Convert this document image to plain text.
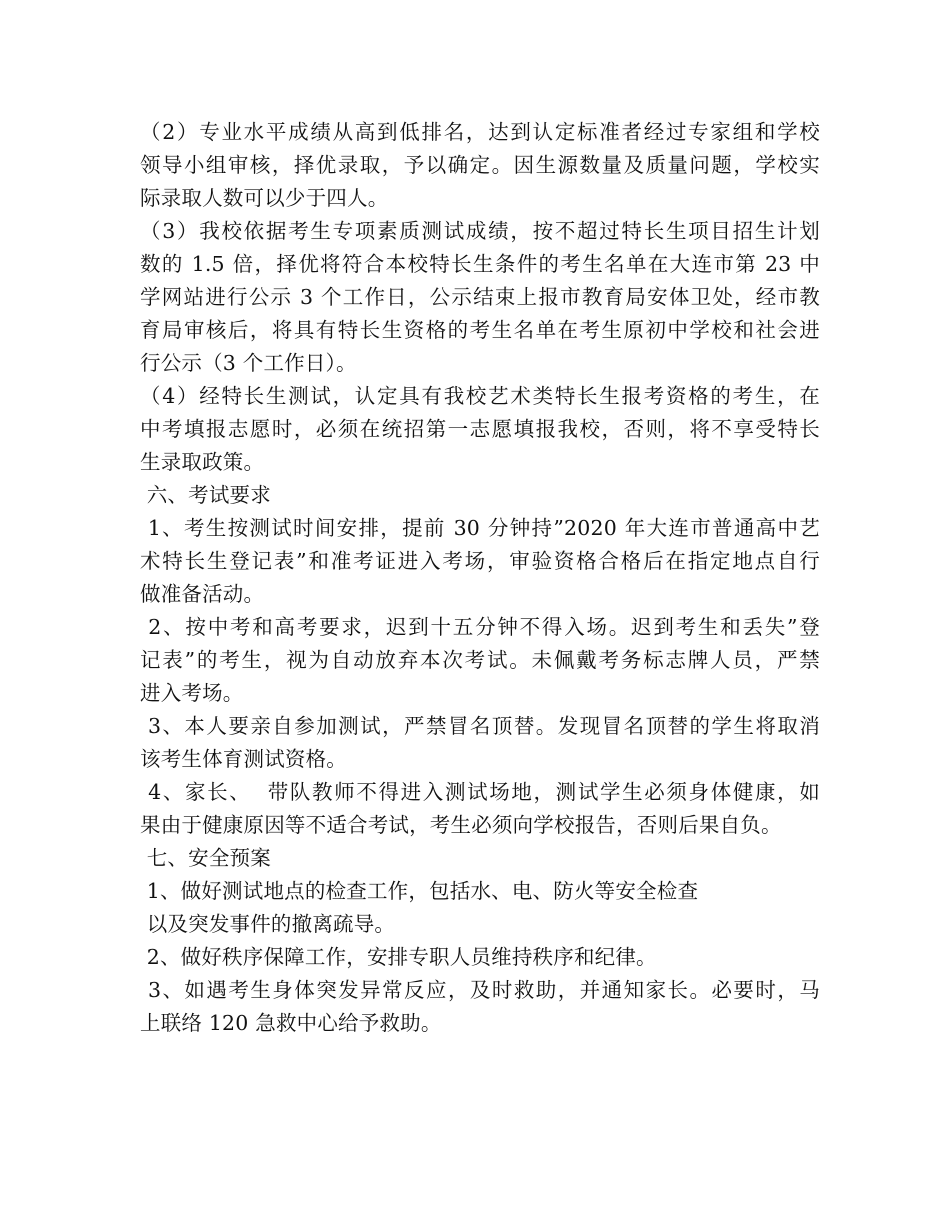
（2）专业水平成绩从高到低排名，达到认定标准者经过专家组和学校
领导小组审核，择优录取，予以确定。因生源数量及质量问题，学校实
际录取人数可以少于四人。
（3）我校依据考生专项素质测试成绩，按不超过特长生项目招生计划
数的 1.5 倍，择优将符合本校特长生条件的考生名单在大连市第 23 中
学网站进行公示 3 个工作日，公示结束上报市教育局安体卫处，经市教
育局审核后，将具有特长生资格的考生名单在考生原初中学校和社会进
行公示（3 个工作日）。
（4）经特长生测试，认定具有我校艺术类特长生报考资格的考生，在
中考填报志愿时，必须在统招第一志愿填报我校，否则，将不享受特长
生录取政策。
六、考试要求
1、考生按测试时间安排，提前 30 分钟持”2020 年大连市普通高中艺
术特长生登记表”和准考证进入考场，审验资格合格后在指定地点自行
做准备活动。
2、按中考和高考要求，迟到十五分钟不得入场。迟到考生和丢失”登
记表”的考生，视为自动放弃本次考试。未佩戴考务标志牌人员，严禁
进入考场。
3、本人要亲自参加测试，严禁冒名顶替。发现冒名顶替的学生将取消
该考生体育测试资格。
4、家长、  带队教师不得进入测试场地，测试学生必须身体健康，如
果由于健康原因等不适合考试，考生必须向学校报告，否则后果自负。
七、安全预案
1、做好测试地点的检查工作，包括水、电、防火等安全检查
以及突发事件的撤离疏导。
2、做好秩序保障工作，安排专职人员维持秩序和纪律。
3、如遇考生身体突发异常反应，及时救助，并通知家长。必要时，马
上联络 120 急救中心给予救助。
